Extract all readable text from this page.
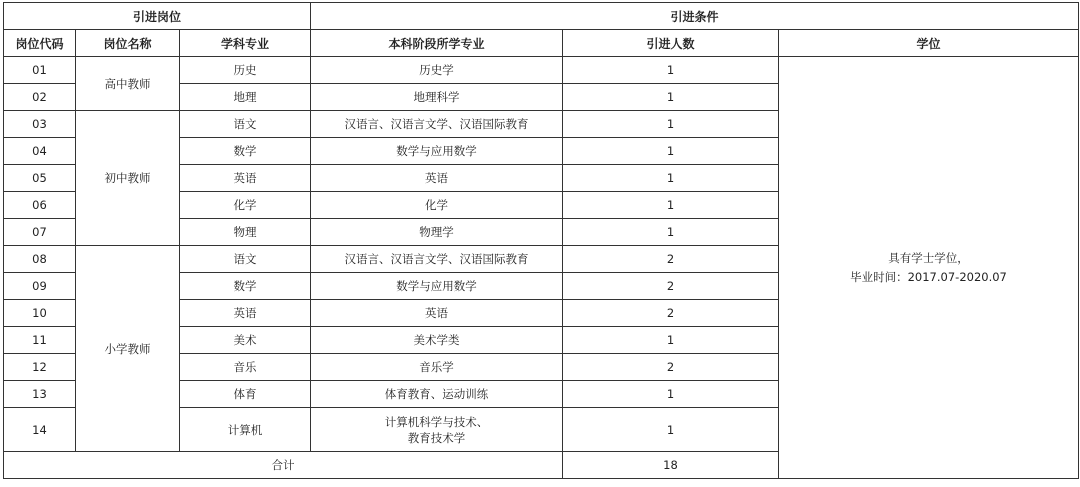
引进岗位			引进条件		
岗位代码	岗位名称	学科专业	本科阶段所学专业	引进人数	学位
01	高中教师	历史	历史学	1	具有学士学位，
毕业时间：2017.07-2020.07

02		地理	地理科学	1	
03	初中教师	语文	汉语言、汉语言文学、汉语国际教育	1	
04		数学	数学与应用数学	1	
05		英语	英语	1	
06		化学	化学	1	
07		物理	物理学	1	
08	小学教师	语文	汉语言、汉语言文学、汉语国际教育	2	
09		数学	数学与应用数学	2	
10		英语	英语	2	
11		美术	美术学类	1	
12		音乐	音乐学	2	
13		体育	体育教育、运动训练	1	
14		计算机	计算机科学与技术、
教育技术学	1	
合计				18	
